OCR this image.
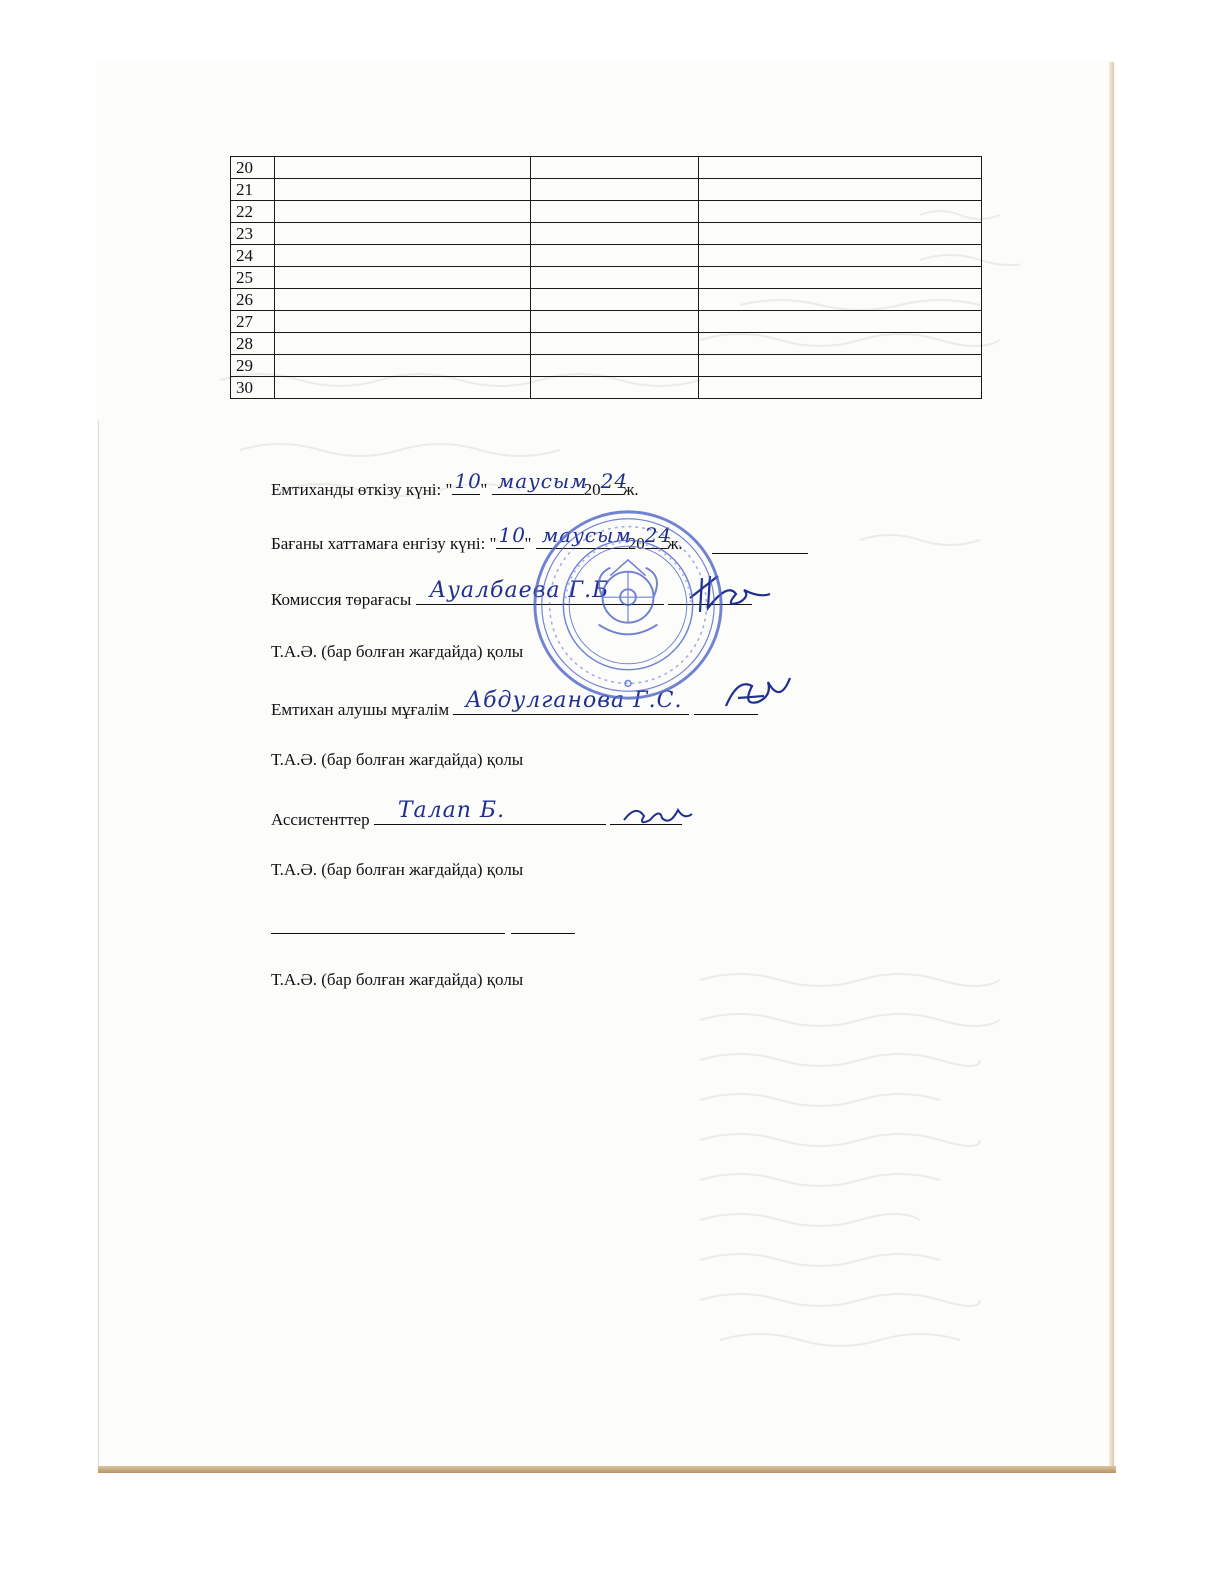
20			
21			
22			
23			
24			
25			
26			
27			
28			
29			
30			
Емтиханды өткізу күні: " 10
" маусым
20 24
ж.
Бағаны хаттамаға енгізу күні: " 10
" маусым
20 24
ж.
Комиссия төрағасы Ауалбаева Г.Б

Т.А.Ә. (бар болған жағдайда) қолы
Емтихан алушы мұғалім Абдулганова Г.С.

Т.А.Ә. (бар болған жағдайда) қолы
Ассистенттер Талап Б.

Т.А.Ә. (бар болған жағдайда) қолы
Т.А.Ә. (бар болған жағдайда) қолы
